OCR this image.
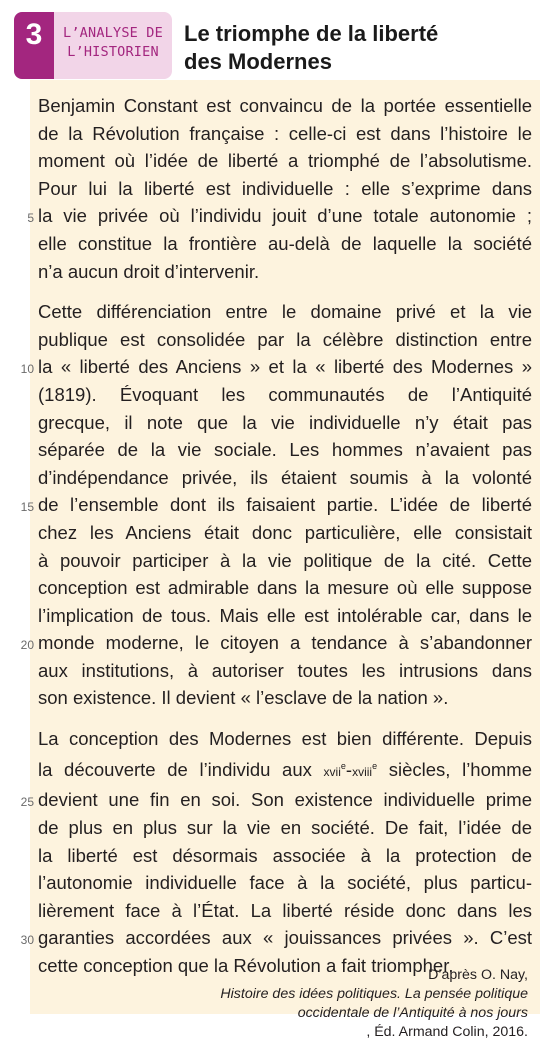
3	L’ANALYSE DE
L’HISTORIEN
Le triomphe de la liberté
des Modernes

Benjamin Constant est convaincu de la portée essentielle
de la Révolution française : celle-ci est dans l’histoire le
moment où l’idée de liberté a triomphé de l’absolutisme.
Pour lui la liberté est individuelle : elle s’exprime dans
la vie privée où l’individu jouit d’une totale autonomie ;
elle constitue la frontière au-delà de laquelle la société
n’a aucun droit d’intervenir.

Cette différenciation entre le domaine privé et la vie
publique est consolidée par la célèbre distinction entre
la « liberté des Anciens » et la « liberté des Modernes »
(1819). Évoquant les communautés de l’Antiquité
grecque, il note que la vie individuelle n’y était pas
séparée de la vie sociale. Les hommes n’avaient pas
d’indépendance privée, ils étaient soumis à la volonté
de l’ensemble dont ils faisaient partie. L’idée de liberté
chez les Anciens était donc particulière, elle consistait
à pouvoir participer à la vie politique de la cité. Cette
conception est admirable dans la mesure où elle suppose
l’implication de tous. Mais elle est intolérable car, dans le
monde moderne, le citoyen a tendance à s’abandonner
aux institutions, à autoriser toutes les intrusions dans
son existence. Il devient « l’esclave de la nation ».

La conception des Modernes est bien différente. Depuis
la découverte de l’individu aux xvii$^e$-xviii$^e$ siècles, l’homme
devient une fin en soi. Son existence individuelle prime
de plus en plus sur la vie en société. De fait, l’idée de
la liberté est désormais associée à la protection de
l’autonomie individuelle face à la société, plus particu-
lièrement face à l’État. La liberté réside donc dans les
garanties accordées aux « jouissances privées ». C’est
cette conception que la Révolution a fait triompher.

5
10
15
20
25
30
D’après O. Nay,
Histoire des idées politiques. La pensée politique
occidentale de l’Antiquité à nos jours
, Éd. Armand Colin, 2016.
